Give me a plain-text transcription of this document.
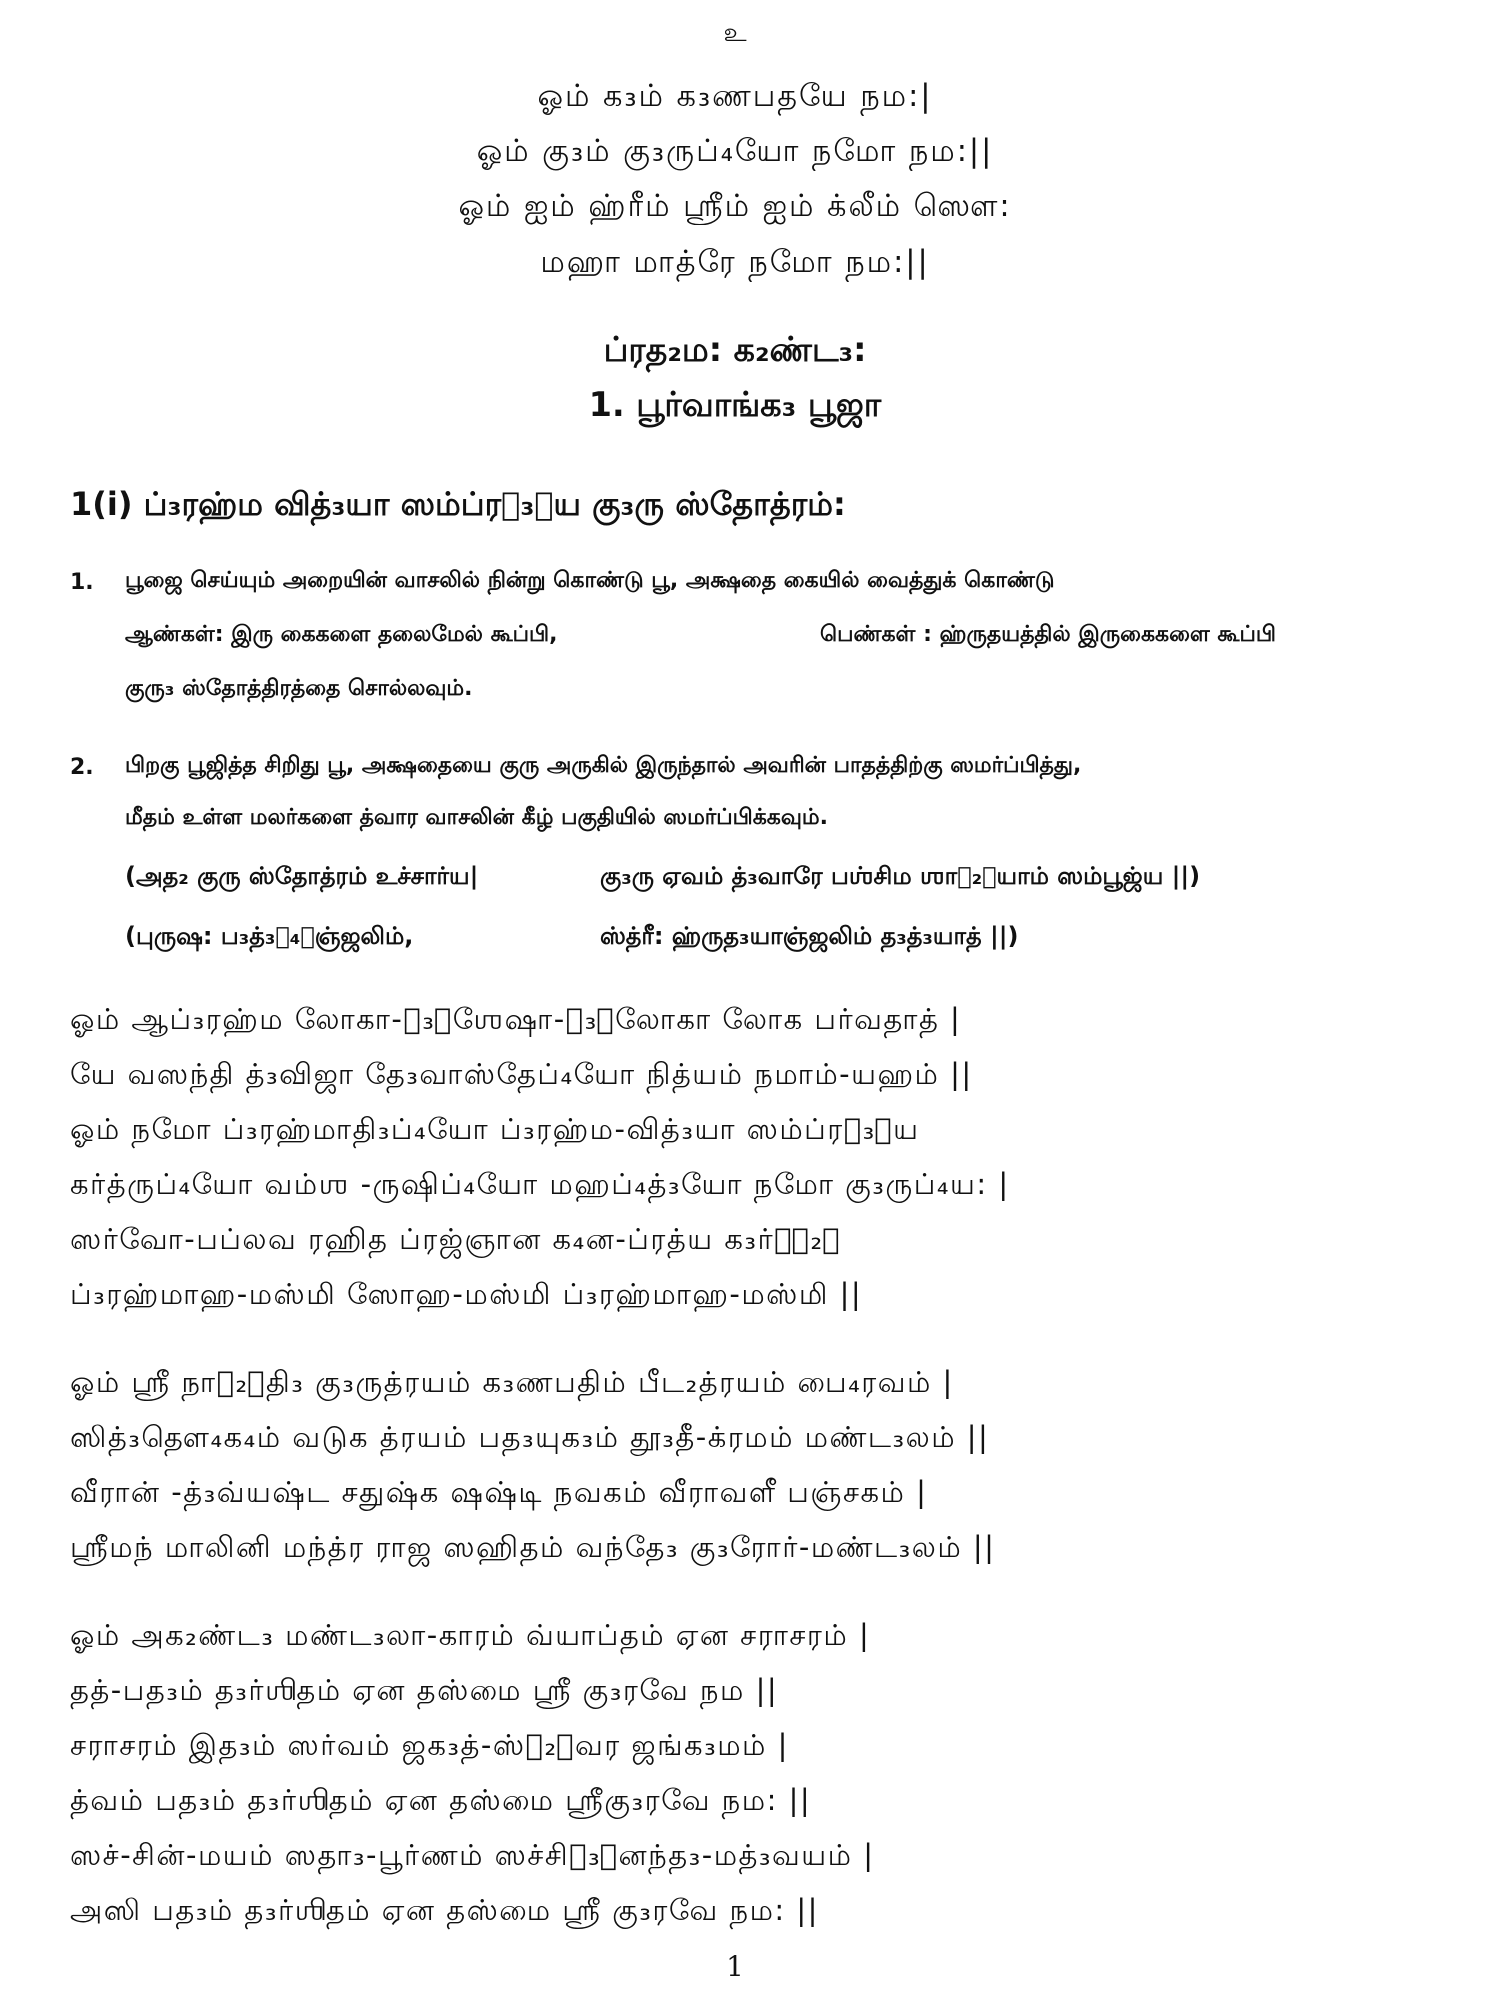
உ
ஓம் க₃ம் க₃ணபதயே நம:|
ஓம் கு₃ம் கு₃ருப்₄யோ நமோ நம:||
ஓம் ஐம் ஹ்ரீம் ஸ்ரீம் ஐம் க்லீம் ஸௌ:
மஹா மாத்ரே நமோ நம:||
ப்ரத₂ம: க₂ண்ட₃:
1. பூர்வாங்க₃ பூஜா
1(i) ப்₃ரஹ்ம வித்₃யா ஸம்ப்ரத₃ாய கு₃ரு ஸ்தோத்ரம்:
1. பூஜை செய்யும் அறையின் வாசலில் நின்று கொண்டு பூ, அக்ஷதை கையில் வைத்துக் கொண்டு
ஆண்கள்: இரு கைகளை தலைமேல் கூப்பி,	பெண்கள் : ஹ்ருதயத்தில் இருகைகளை கூப்பி
குரு₃ ஸ்தோத்திரத்தை சொல்லவும்.
2. பிறகு பூஜித்த சிறிது பூ, அக்ஷதையை குரு அருகில் இருந்தால் அவரின் பாதத்திற்கு ஸமர்ப்பித்து,
மீதம் உள்ள மலர்களை த்வார வாசலின் கீழ் பகுதியில் ஸமர்ப்பிக்கவும்.
(அத₂ குரு ஸ்தோத்ரம் உச்சார்ய|	கு₃ரு ஏவம் த்₃வாரே பஶ்சிம ஶாக₂ாயாம் ஸம்பூஜ்ய ||)
(புருஷ: ப₃த்₃த₄ாஞ்ஜலிம்,	ஸ்த்ரீ: ஹ்ருத₃யாஞ்ஜலிம் த₃த்₃யாத் ||)
ஓம் ஆப்₃ரஹ்ம லோகா-த₃ாஶேஷா-த₃ாலோகா லோக பர்வதாத் |
யே வஸந்தி த்₃விஜா தே₃வாஸ்தேப்₄யோ நித்யம் நமாம்-யஹம் ||
ஓம் நமோ ப்₃ரஹ்மாதி₃ப்₄யோ ப்₃ரஹ்ம-வித்₃யா ஸம்ப்ரத₃ாய
கர்த்ருப்₄யோ வம்ஶ -ருஷிப்₄யோ மஹப்₄த்₃யோ நமோ கு₃ருப்₄ய: |
ஸர்வோ-பப்லவ ரஹித ப்ரஜ்ஞான க₄ன-ப்ரத்ய க₃ர்தே₂ா
ப்₃ரஹ்மாஹ-மஸ்மி ஸோஹ-மஸ்மி ப்₃ரஹ்மாஹ-மஸ்மி ||
ஓம் ஸ்ரீ நாத₂ாதி₃ கு₃ருத்ரயம் க₃ணபதிம் பீட₂த்ரயம் பை₄ரவம் |
ஸித்₃தௌ₄க₄ம் வடுக த்ரயம் பத₃யுக₃ம் தூ₃தீ-க்ரமம் மண்ட₃லம் ||
வீரான் -த்₃வ்யஷ்ட சதுஷ்க ஷஷ்டி நவகம் வீராவளீ பஞ்சகம் |
ஸ்ரீமந் மாலினி மந்த்ர ராஜ ஸஹிதம் வந்தே₃ கு₃ரோர்-மண்ட₃லம் ||
ஓம் அக₂ண்ட₃ மண்ட₃லா-காரம் வ்யாப்தம் ஏன சராசரம் |
தத்-பத₃ம் த₃ர்ஶிதம் ஏன தஸ்மை ஸ்ரீ கு₃ரவே நம ||
சராசரம் இத₃ம் ஸர்வம் ஜக₃த்-ஸ்த₂ாவர ஜங்க₃மம் |
த்வம் பத₃ம் த₃ர்ஶிதம் ஏன தஸ்மை ஸ்ரீகு₃ரவே நம: ||
ஸச்-சின்-மயம் ஸதா₃-பூர்ணம் ஸச்சித₃ானந்த₃-மத்₃வயம் |
அஸி பத₃ம் த₃ர்ஶிதம் ஏன தஸ்மை ஸ்ரீ கு₃ரவே நம: ||
1
